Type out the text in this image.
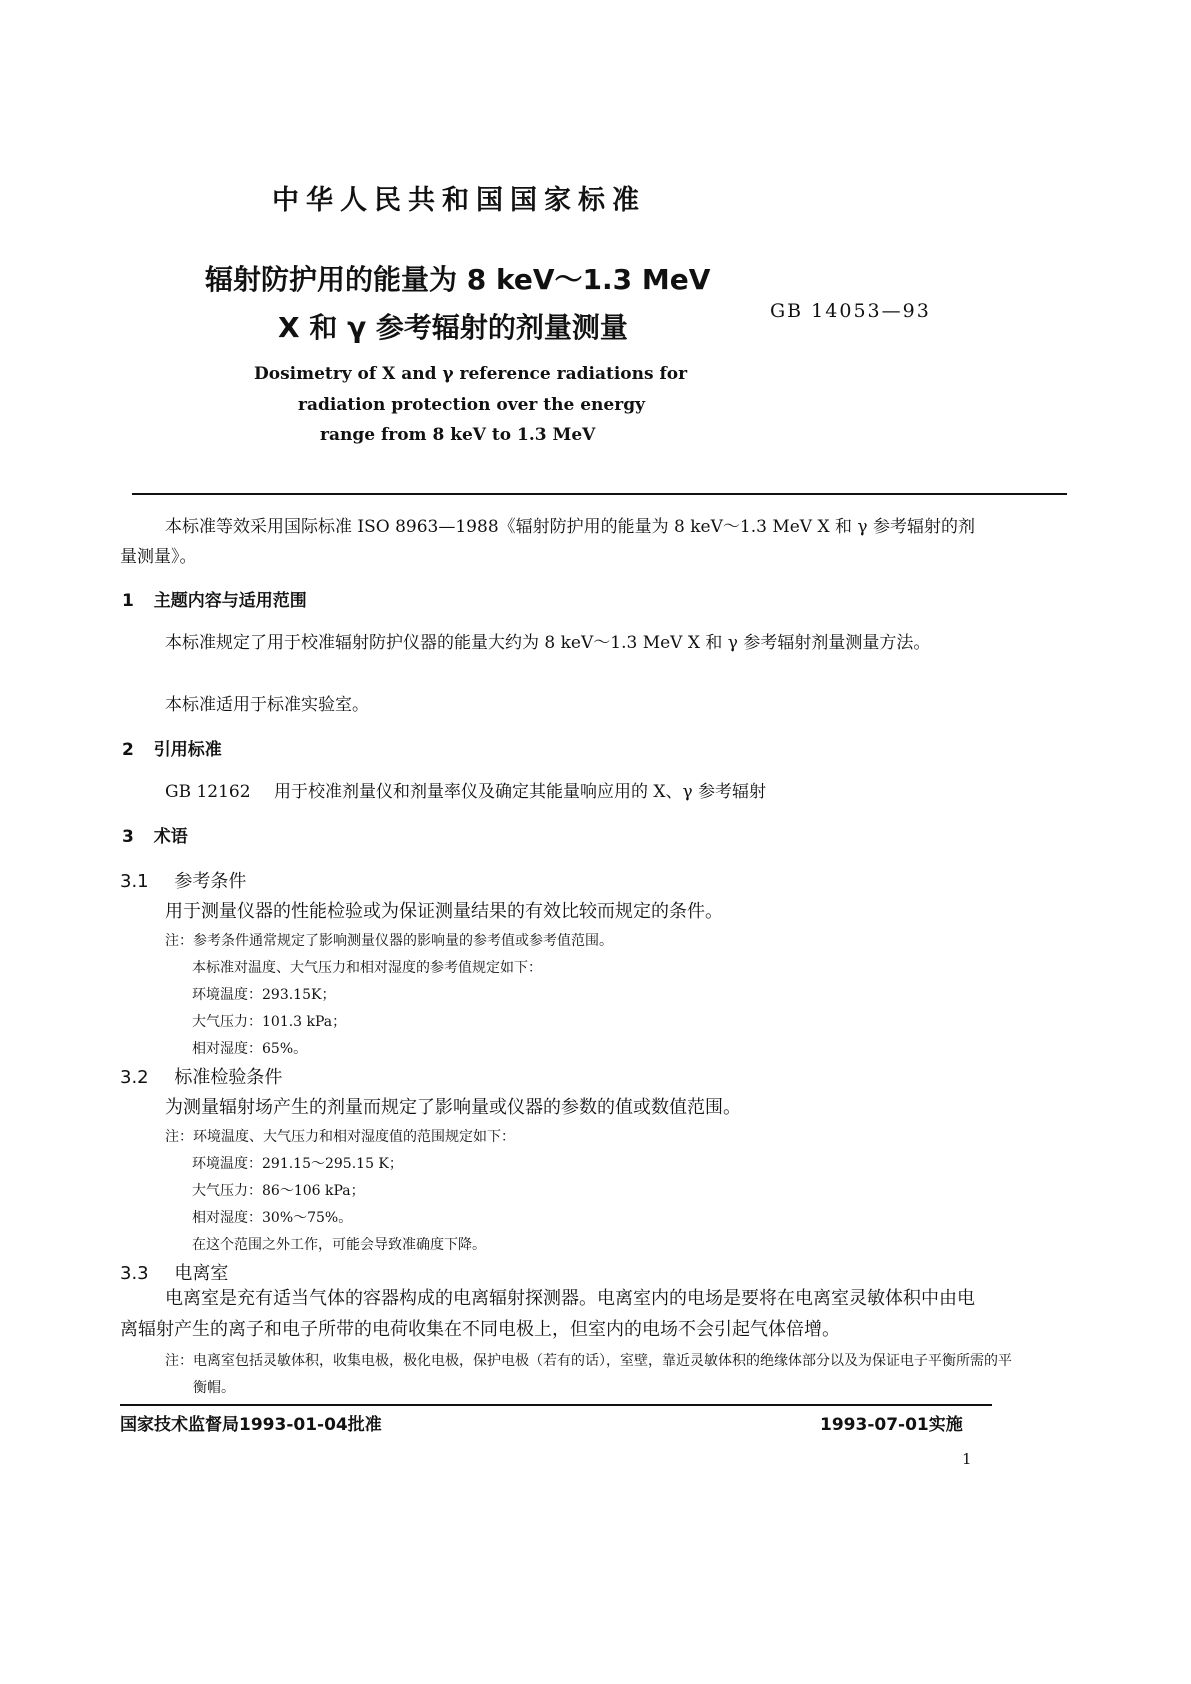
中华人民共和国国家标准
辐射防护用的能量为 8 keV～1.3 MeV
X 和 γ 参考辐射的剂量测量	GB 14053—93
Dosimetry of X and γ reference radiations for
radiation protection over the energy
range from 8 keV to 1.3 MeV
本标准等效采用国际标准 ISO 8963—1988《辐射防护用的能量为 8 keV～1.3 MeV X 和 γ 参考辐射的剂量测量》。
1 主题内容与适用范围
本标准规定了用于校准辐射防护仪器的能量大约为 8 keV～1.3 MeV X 和 γ 参考辐射剂量测量方法。
本标准适用于标准实验室。
2 引用标准
GB 12162 用于校准剂量仪和剂量率仪及确定其能量响应用的 X、γ 参考辐射
3 术语
3.1 参考条件
用于测量仪器的性能检验或为保证测量结果的有效比较而规定的条件。
注：参考条件通常规定了影响测量仪器的影响量的参考值或参考值范围。
本标准对温度、大气压力和相对湿度的参考值规定如下：
环境温度：293.15K；
大气压力：101.3 kPa；
相对湿度：65%。
3.2 标准检验条件
为测量辐射场产生的剂量而规定了影响量或仪器的参数的值或数值范围。
注：环境温度、大气压力和相对湿度值的范围规定如下：
环境温度：291.15～295.15 K；
大气压力：86～106 kPa；
相对湿度：30%～75%。
在这个范围之外工作，可能会导致准确度下降。
3.3 电离室
电离室是充有适当气体的容器构成的电离辐射探测器。电离室内的电场是要将在电离室灵敏体积中由电离辐射产生的离子和电子所带的电荷收集在不同电极上，但室内的电场不会引起气体倍增。
注：电离室包括灵敏体积，收集电极，极化电极，保护电极（若有的话），室壁，靠近灵敏体积的绝缘体部分以及为保证电子平衡所需的平衡帽。
国家技术监督局1993-01-04批准	1993-07-01实施
1
